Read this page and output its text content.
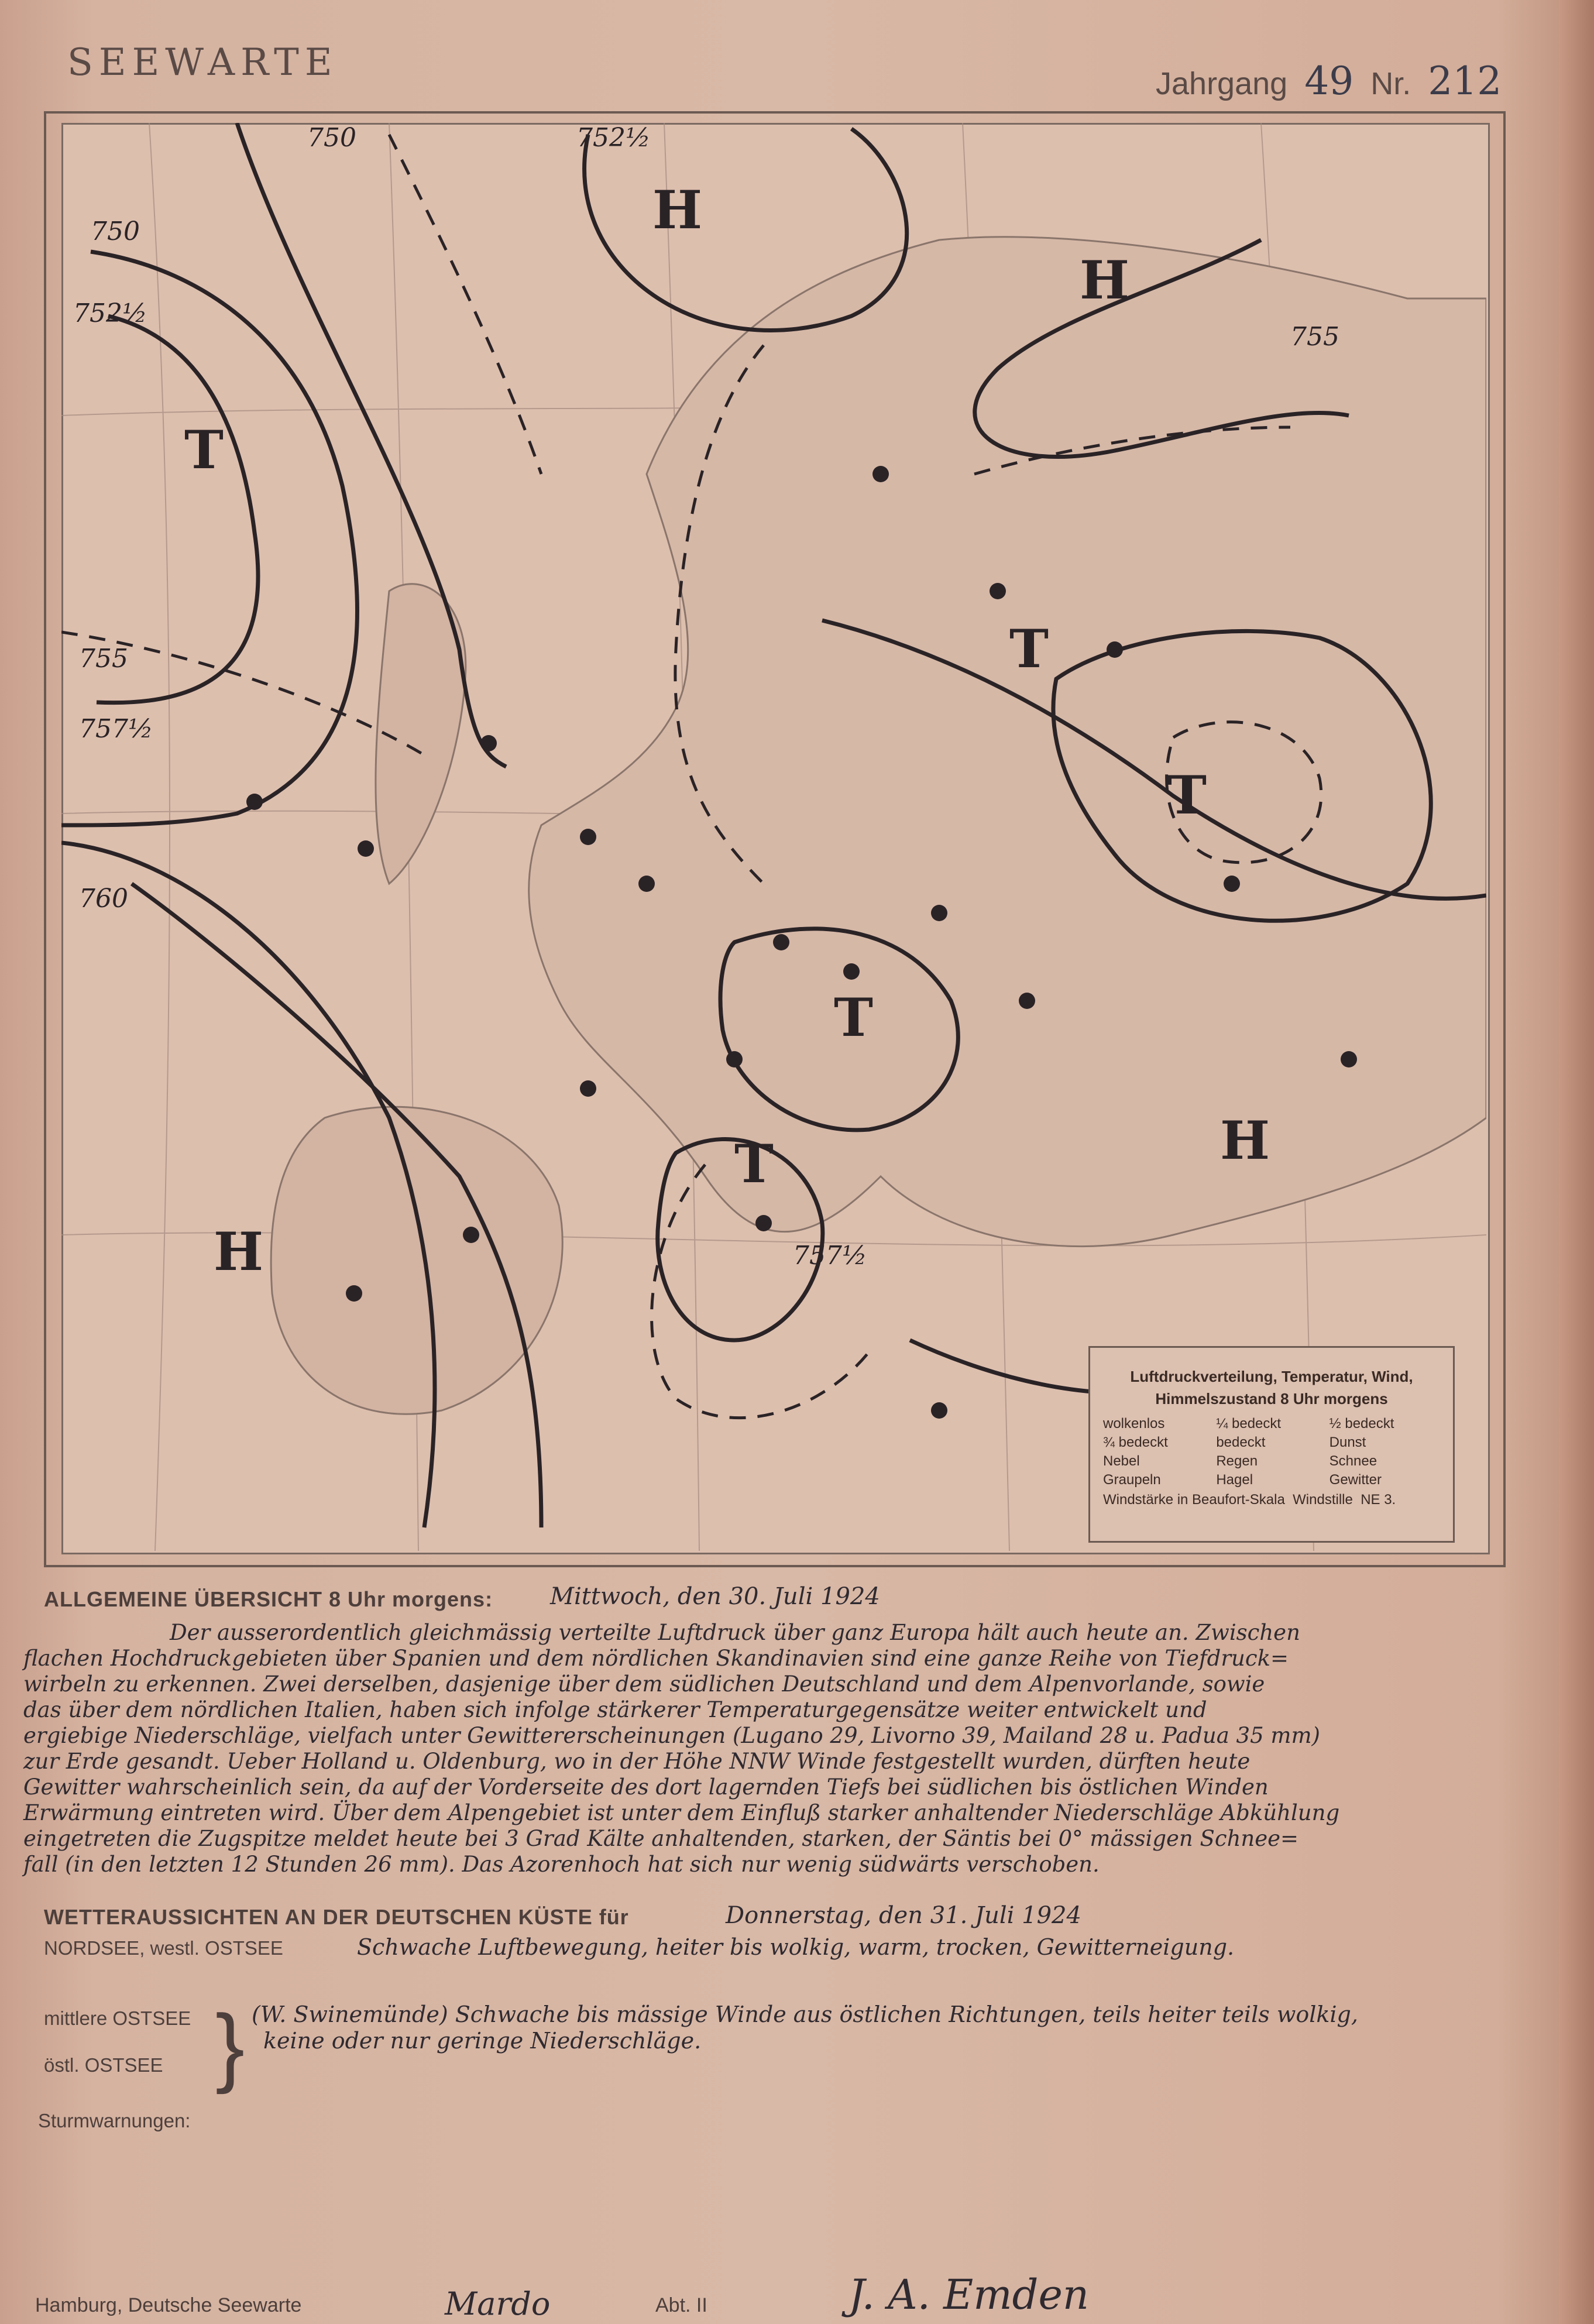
SEEWARTE	Jahrgang 49 Nr. 212
H
H
H
H
T
T
T
T
T
750
752½
755
757½
760
750	752½
755
757½
Luftdruckverteilung, Temperatur, Wind, Himmelszustand 8 Uhr morgens
wolkenlos	¼ bedeckt	½ bedeckt
¾ bedeckt	bedeckt	Dunst
Nebel	Regen	Schnee
Graupeln	Hagel	Gewitter
Windstärke in Beaufort-Skala Windstille NE 3.
ALLGEMEINE ÜBERSICHT 8 Uhr morgens: Mittwoch, den 30. Juli 1924

Der ausserordentlich gleichmässig verteilte Luftdruck über ganz Europa hält auch heute an. Zwischen

flachen Hochdruckgebieten über Spanien und dem nördlichen Skandinavien sind eine ganze Reihe von Tiefdruck=

wirbeln zu erkennen. Zwei derselben, dasjenige über dem südlichen Deutschland und dem Alpenvorlande, sowie

das über dem nördlichen Italien, haben sich infolge stärkerer Temperaturgegensätze weiter entwickelt und

ergiebige Niederschläge, vielfach unter Gewittererscheinungen (Lugano 29, Livorno 39, Mailand 28 u. Padua 35 mm)

zur Erde gesandt. Ueber Holland u. Oldenburg, wo in der Höhe NNW Winde festgestellt wurden, dürften heute

Gewitter wahrscheinlich sein, da auf der Vorderseite des dort lagernden Tiefs bei südlichen bis östlichen Winden

Erwärmung eintreten wird. Über dem Alpengebiet ist unter dem Einfluß starker anhaltender Niederschläge Abkühlung

eingetreten die Zugspitze meldet heute bei 3 Grad Kälte anhaltenden, starken, der Säntis bei 0° mässigen Schnee=

fall (in den letzten 12 Stunden 26 mm). Das Azorenhoch hat sich nur wenig südwärts verschoben.

WETTERAUSSICHTEN AN DER DEUTSCHEN KÜSTE für	Donnerstag, den 31. Juli 1924
NORDSEE, westl. OSTSEE	Schwache Luftbewegung, heiter bis wolkig, warm, trocken, Gewitterneigung.
mittlere OSTSEE
östl. OSTSEE } (W. Swinemünde) Schwache bis mässige Winde aus östlichen Richtungen, teils heiter teils wolkig,
keine oder nur geringe Niederschläge.
Sturmwarnungen:
Hamburg, Deutsche Seewarte	Mardo	Abt. II	J. A. Emden
